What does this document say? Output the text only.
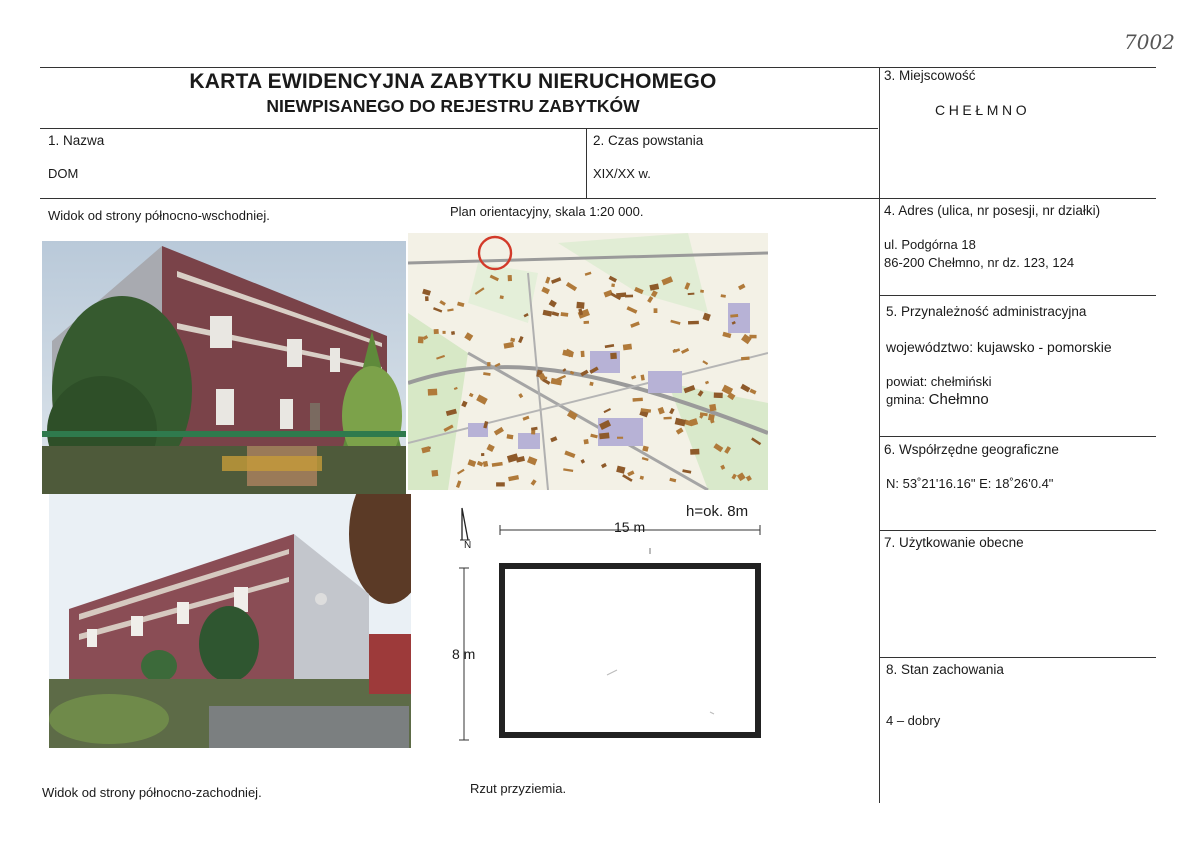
7002
KARTA EWIDENCYJNA ZABYTKU NIERUCHOMEGO
NIEWPISANEGO DO REJESTRU ZABYTKÓW
3. Miejscowość
CHEŁMNO
1. Nazwa
DOM
2. Czas powstania
XIX/XX w.
Widok od strony północno-wschodniej.	Plan orientacyjny, skala 1:20 000.	4. Adres (ulica, nr posesji, nr działki)
ul. Podgórna 18
86-200 Chełmno, nr dz. 123, 124
5. Przynależność administracyjna
województwo: kujawsko - pomorskie
powiat: chełmiński
gmina: Chełmno
6. Współrzędne geograficzne
N: 53˚21'16.16" E: 18˚26'0.4"
7. Użytkowanie obecne
8. Stan zachowania
4 – dobry
Widok od strony północno-zachodniej.	Rzut przyziemia.
N
15 m
h=ok. 8m
8 m
